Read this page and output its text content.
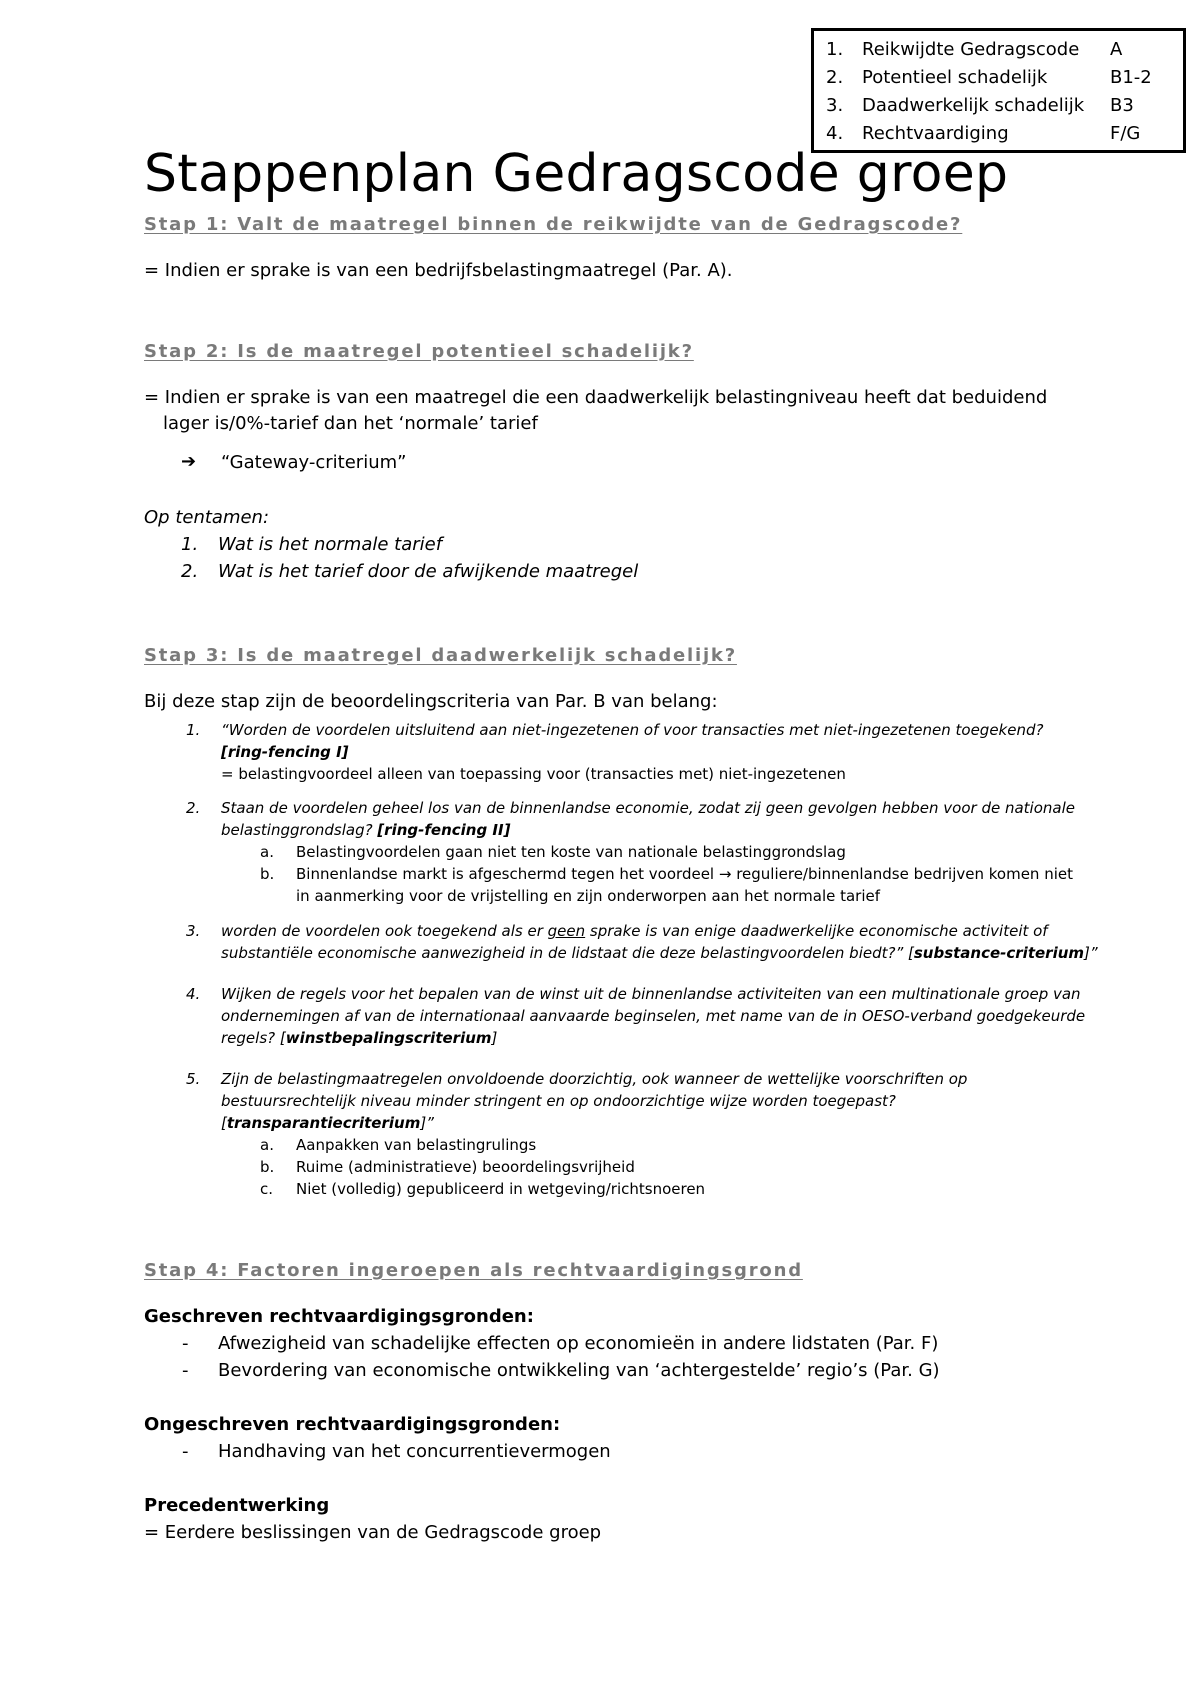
1. Reikwijdte Gedragscode A
2. Potentieel schadelijk	B1-2
3. Daadwerkelijk schadelijk B3
4. Rechtvaardiging	F/G
Stappenplan Gedragscode groep
Stap 1: Valt de maatregel binnen de reikwijdte van de Gedragscode?
= Indien er sprake is van een bedrijfsbelastingmaatregel (Par. A).
Stap 2: Is de maatregel potentieel schadelijk?
= Indien er sprake is van een maatregel die een daadwerkelijk belastingniveau heeft dat beduidend
lager is/0%-tarief dan het ‘normale’ tarief
➔ “Gateway-criterium”
Op tentamen:
1. Wat is het normale tarief
2. Wat is het tarief door de afwijkende maatregel
Stap 3: Is de maatregel daadwerkelijk schadelijk?
Bij deze stap zijn de beoordelingscriteria van Par. B van belang:
1. “Worden de voordelen uitsluitend aan niet-ingezetenen of voor transacties met niet-ingezetenen toegekend?
[ring-fencing I]
= belastingvoordeel alleen van toepassing voor (transacties met) niet-ingezetenen
2. Staan de voordelen geheel los van de binnenlandse economie, zodat zij geen gevolgen hebben voor de nationale
belastinggrondslag? [ring-fencing II]
a. Belastingvoordelen gaan niet ten koste van nationale belastinggrondslag
b. Binnenlandse markt is afgeschermd tegen het voordeel → reguliere/binnenlandse bedrijven komen niet
in aanmerking voor de vrijstelling en zijn onderworpen aan het normale tarief
3. worden de voordelen ook toegekend als er geen sprake is van enige daadwerkelijke economische activiteit of
substantiële economische aanwezigheid in de lidstaat die deze belastingvoordelen biedt?” [substance-criterium]”
4. Wijken de regels voor het bepalen van de winst uit de binnenlandse activiteiten van een multinationale groep van
ondernemingen af van de internationaal aanvaarde beginselen, met name van de in OESO-verband goedgekeurde
regels? [winstbepalingscriterium]
5. Zijn de belastingmaatregelen onvoldoende doorzichtig, ook wanneer de wettelijke voorschriften op
bestuursrechtelijk niveau minder stringent en op ondoorzichtige wijze worden toegepast?
[transparantiecriterium]”
a. Aanpakken van belastingrulings
b. Ruime (administratieve) beoordelingsvrijheid
c. Niet (volledig) gepubliceerd in wetgeving/richtsnoeren
Stap 4: Factoren ingeroepen als rechtvaardigingsgrond
Geschreven rechtvaardigingsgronden:
- Afwezigheid van schadelijke effecten op economieën in andere lidstaten (Par. F)
- Bevordering van economische ontwikkeling van ‘achtergestelde’ regio’s (Par. G)
Ongeschreven rechtvaardigingsgronden:
- Handhaving van het concurrentievermogen
Precedentwerking
= Eerdere beslissingen van de Gedragscode groep
